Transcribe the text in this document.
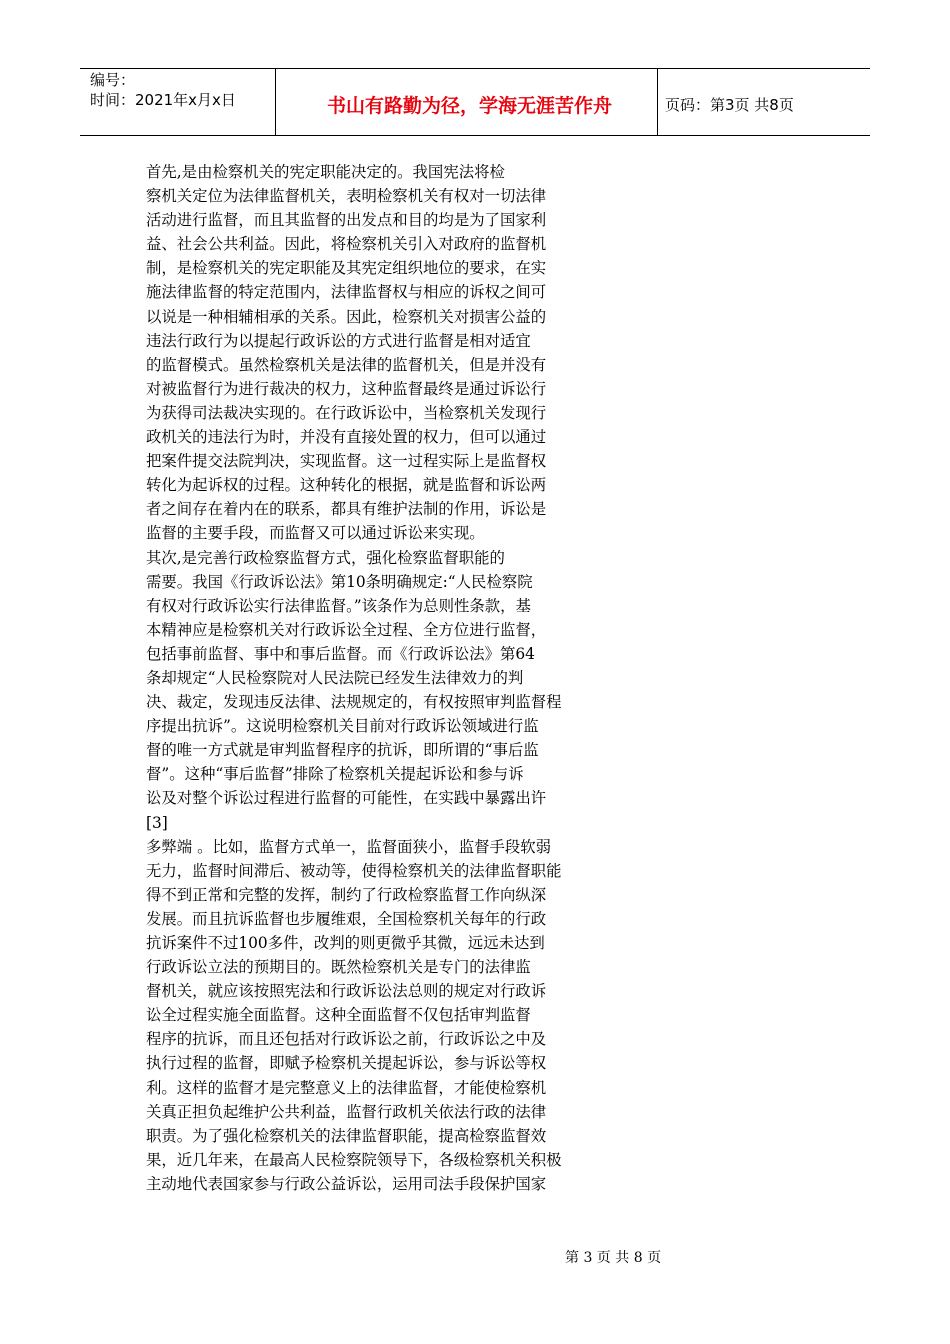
编号：
时间：2021年x月x日	书山有路勤为径，学海无涯苦作舟	页码：第3页 共8页
首先,是由检察机关的宪定职能决定的。我国宪法将检
察机关定位为法律监督机关，表明检察机关有权对一切法律
活动进行监督，而且其监督的出发点和目的均是为了国家利
益、社会公共利益。因此，将检察机关引入对政府的监督机
制，是检察机关的宪定职能及其宪定组织地位的要求，在实
施法律监督的特定范围内，法律监督权与相应的诉权之间可
以说是一种相辅相承的关系。因此，检察机关对损害公益的
违法行政行为以提起行政诉讼的方式进行监督是相对适宜
的监督模式。虽然检察机关是法律的监督机关，但是并没有
对被监督行为进行裁决的权力，这种监督最终是通过诉讼行
为获得司法裁决实现的。在行政诉讼中，当检察机关发现行
政机关的违法行为时，并没有直接处置的权力，但可以通过
把案件提交法院判决，实现监督。这一过程实际上是监督权
转化为起诉权的过程。这种转化的根据，就是监督和诉讼两
者之间存在着内在的联系，都具有维护法制的作用，诉讼是
监督的主要手段，而监督又可以通过诉讼来实现。
其次,是完善行政检察监督方式，强化检察监督职能的
需要。我国《行政诉讼法》第10条明确规定:“人民检察院
有权对行政诉讼实行法律监督。”该条作为总则性条款，基
本精神应是检察机关对行政诉讼全过程、全方位进行监督，
包括事前监督、事中和事后监督。而《行政诉讼法》第64
条却规定“人民检察院对人民法院已经发生法律效力的判
决、裁定，发现违反法律、法规规定的，有权按照审判监督程
序提出抗诉”。这说明检察机关目前对行政诉讼领域进行监
督的唯一方式就是审判监督程序的抗诉，即所谓的“事后监
督”。这种“事后监督”排除了检察机关提起诉讼和参与诉
讼及对整个诉讼过程进行监督的可能性，在实践中暴露出许
[3]
多弊端 。比如，监督方式单一，监督面狭小，监督手段软弱
无力，监督时间滞后、被动等，使得检察机关的法律监督职能
得不到正常和完整的发挥，制约了行政检察监督工作向纵深
发展。而且抗诉监督也步履维艰，全国检察机关每年的行政
抗诉案件不过100多件，改判的则更微乎其微，远远未达到
行政诉讼立法的预期目的。既然检察机关是专门的法律监
督机关，就应该按照宪法和行政诉讼法总则的规定对行政诉
讼全过程实施全面监督。这种全面监督不仅包括审判监督
程序的抗诉，而且还包括对行政诉讼之前，行政诉讼之中及
执行过程的监督，即赋予检察机关提起诉讼，参与诉讼等权
利。这样的监督才是完整意义上的法律监督，才能使检察机
关真正担负起维护公共利益，监督行政机关依法行政的法律
职责。为了强化检察机关的法律监督职能，提高检察监督效
果，近几年来，在最高人民检察院领导下，各级检察机关积极
主动地代表国家参与行政公益诉讼，运用司法手段保护国家
第 3 页 共 8 页
